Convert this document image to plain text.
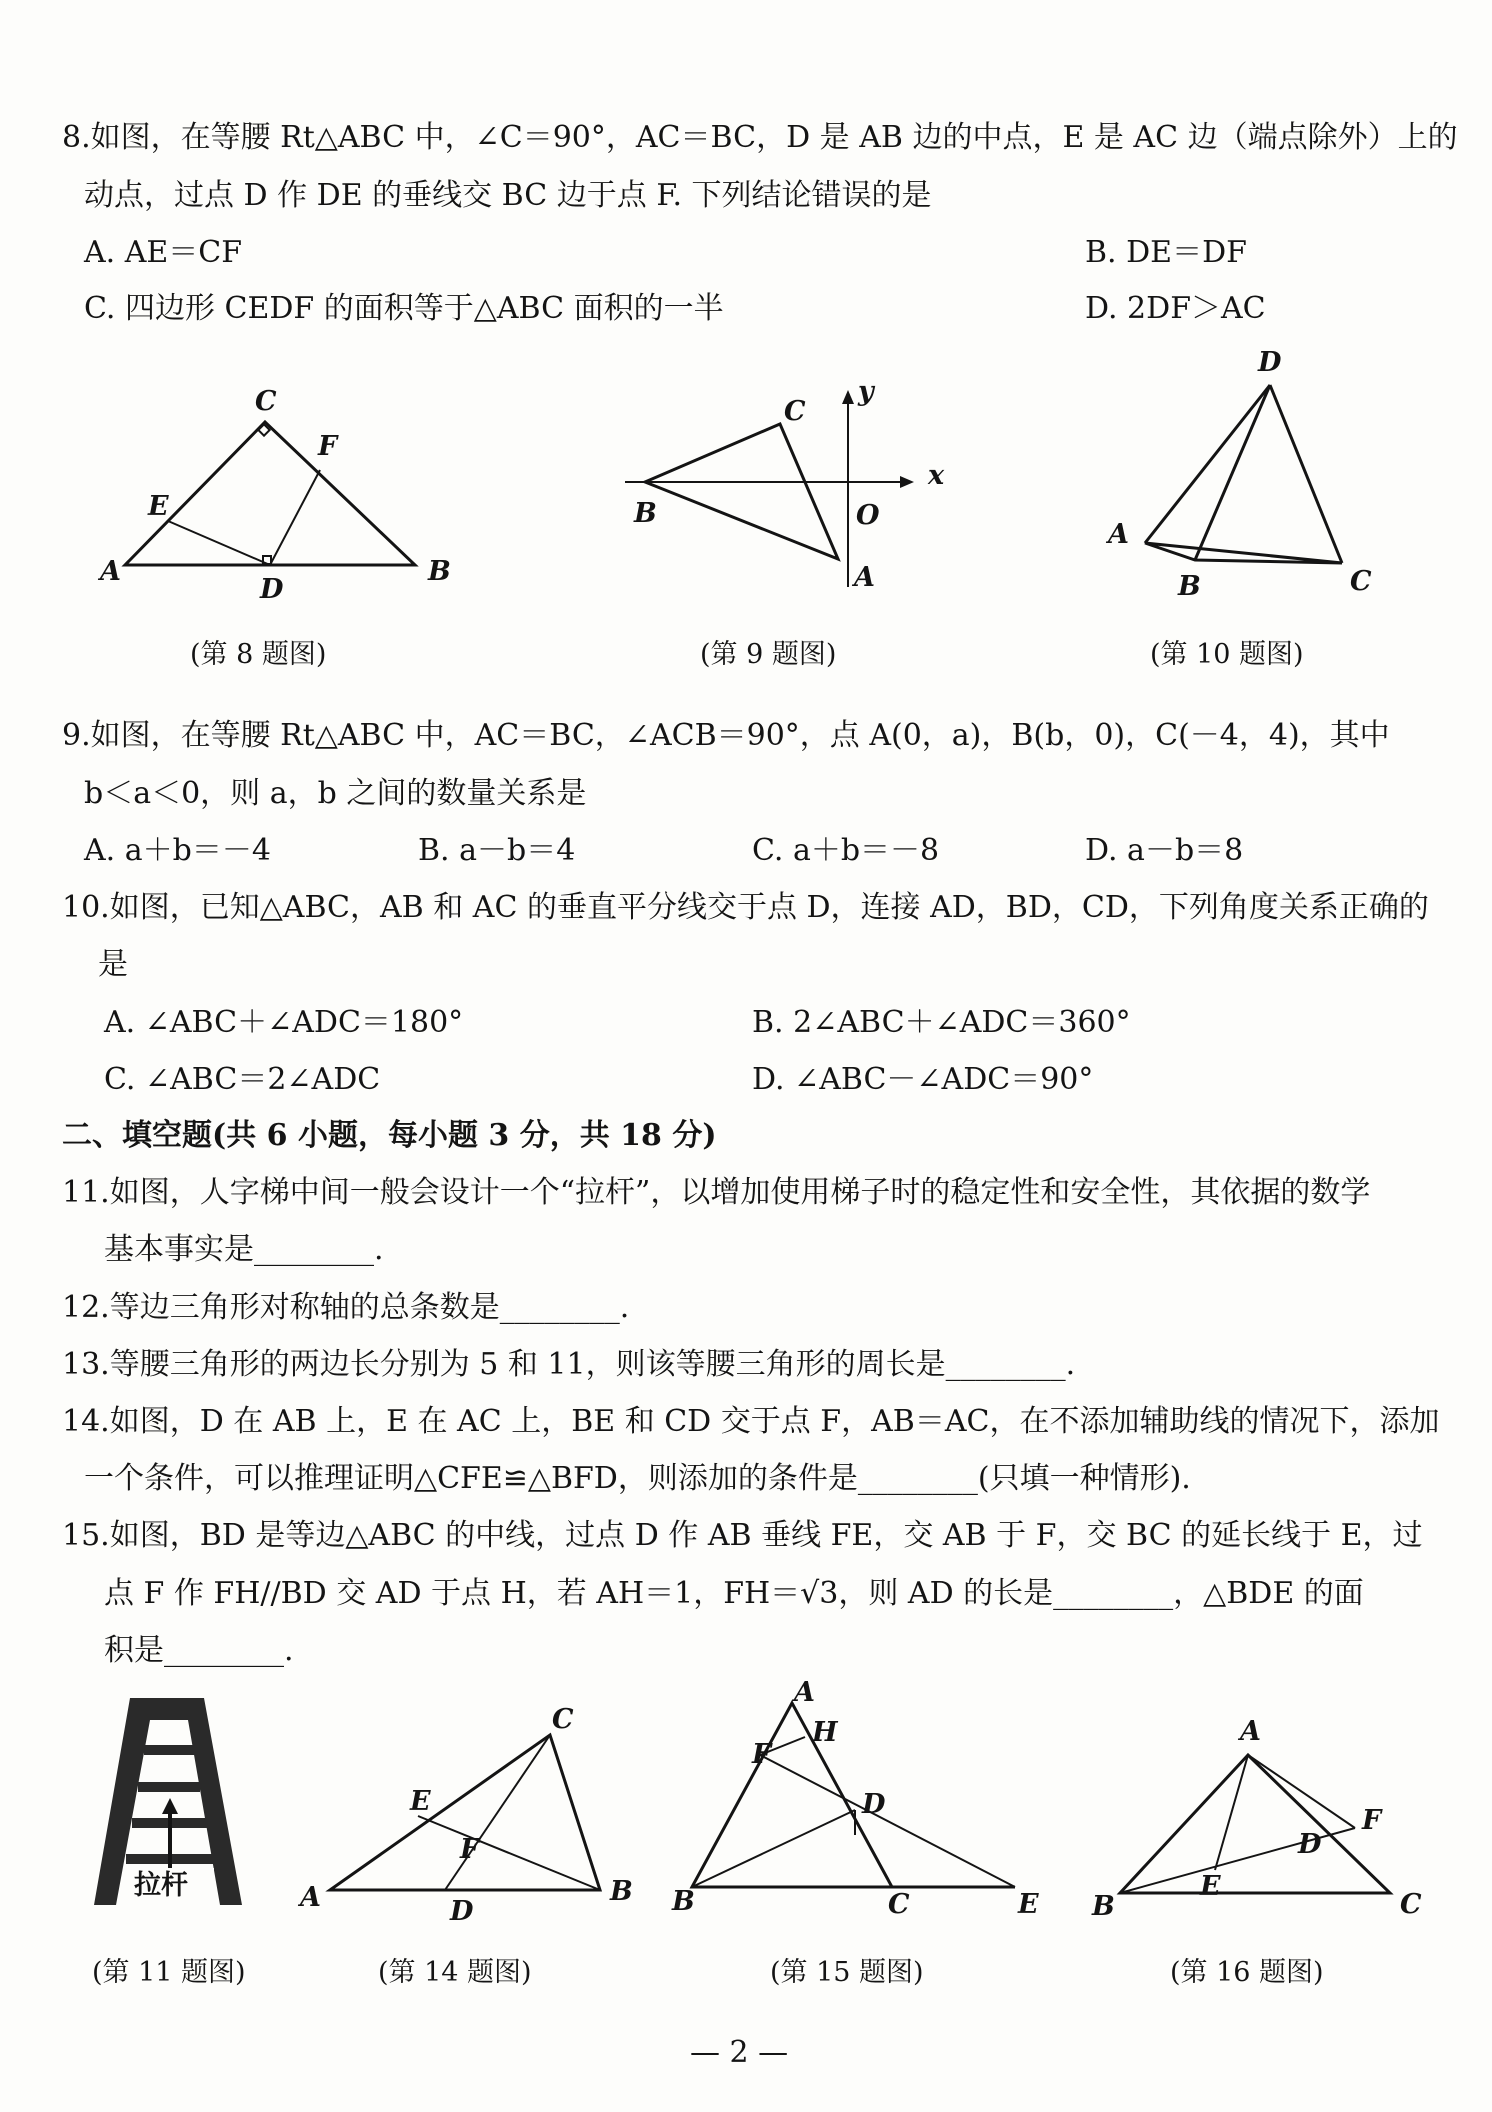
8.如图，在等腰 Rt△ABC 中，∠C＝90°，AC＝BC，D 是 AB 边的中点，E 是 AC 边（端点除外）上的
动点，过点 D 作 DE 的垂线交 BC 边于点 F. 下列结论错误的是
A. AE＝CF	B. DE＝DF
C. 四边形 CEDF 的面积等于△ABC 面积的一半	D. 2DF＞AC
A	B
C
D
E
F
(第 8 题图)
x
y
B
C
O
A
(第 9 题图)
D
A
B	C
(第 10 题图)
9.如图，在等腰 Rt△ABC 中，AC＝BC，∠ACB＝90°，点 A(0，a)，B(b，0)，C(－4，4)，其中
b＜a＜0，则 a，b 之间的数量关系是
A. a＋b＝－4	B. a－b＝4	C. a＋b＝－8	D. a－b＝8
10.如图，已知△ABC，AB 和 AC 的垂直平分线交于点 D，连接 AD，BD，CD，下列角度关系正确的
是
A. ∠ABC＋∠ADC＝180°	B. 2∠ABC＋∠ADC＝360°
C. ∠ABC＝2∠ADC	D. ∠ABC－∠ADC＝90°
二、填空题(共 6 小题，每小题 3 分，共 18 分)
11.如图，人字梯中间一般会设计一个“拉杆”，以增加使用梯子时的稳定性和安全性，其依据的数学
基本事实是________.
12.等边三角形对称轴的总条数是________.
13.等腰三角形的两边长分别为 5 和 11，则该等腰三角形的周长是________.
14.如图，D 在 AB 上，E 在 AC 上，BE 和 CD 交于点 F，AB＝AC，在不添加辅助线的情况下，添加
一个条件，可以推理证明△CFE≌△BFD，则添加的条件是________(只填一种情形).
15.如图，BD 是等边△ABC 的中线，过点 D 作 AB 垂线 FE，交 AB 于 F，交 BC 的延长线于 E，过
点 F 作 FH//BD 交 AD 于点 H，若 AH＝1，FH＝√3，则 AD 的长是________，△BDE 的面
积是________.
拉杆
(第 11 题图)
A	B
C
D
E
F
(第 14 题图)
A
B	C
D
E
F
H
(第 15 题图)
A
B	C
D
E
F
(第 16 题图)
— 2 —
